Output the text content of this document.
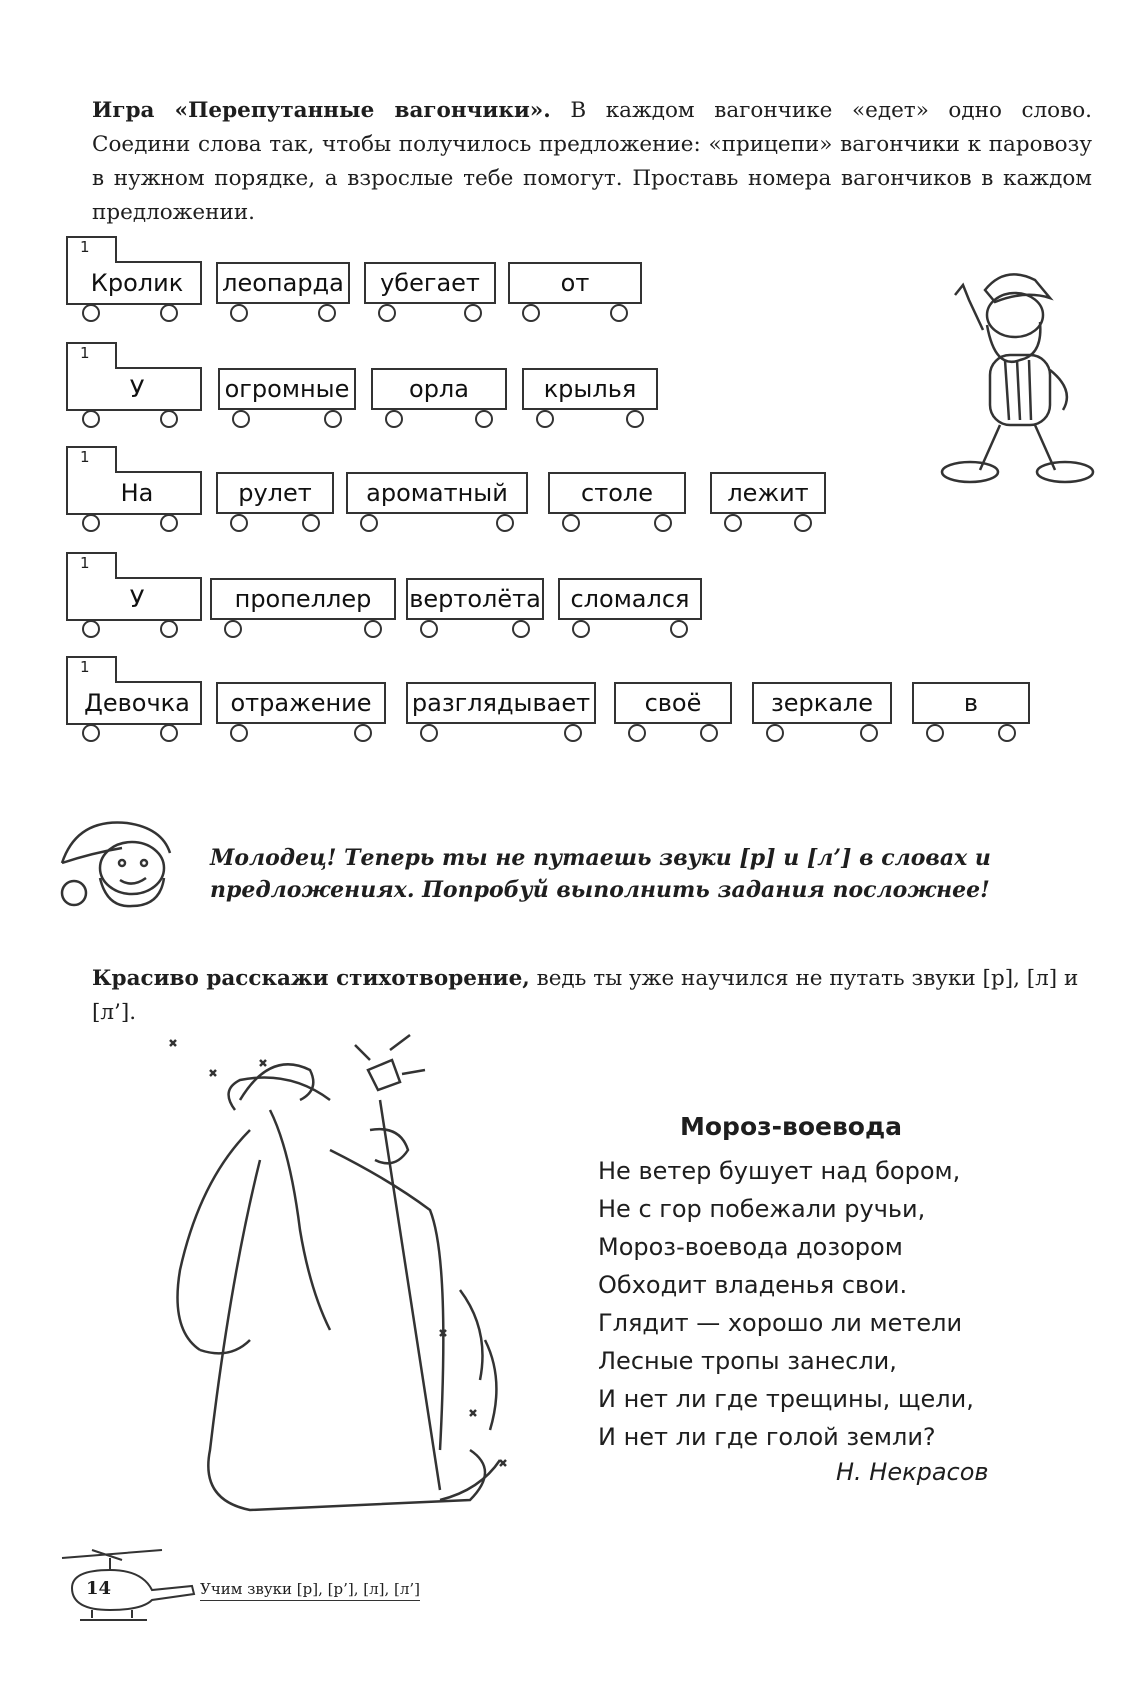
Игра «Перепутанные вагончики». В каждом вагончике «едет» одно слово. Соедини слова так, чтобы получилось предложение: «прицепи» вагончики к паровозу в нужном порядке, а взрослые тебе помогут. Проставь номера вагончиков в каждом предложении.
1
Кролик	леопарда	убегает	от
1
У	огромные	орла	крылья
1
На	рулет	ароматный	столе	лежит
1
У	пропеллер	вертолёта	сломался
1
Девочка	отражение	разглядывает	своё	зеркале	в
Молодец! Теперь ты не путаешь звуки [р] и [л’] в словах и предложениях. Попробуй выполнить задания посложнее!
Красиво расскажи стихотворение, ведь ты уже научился не путать звуки [р], [л] и [л’].
Мороз-воевода
Не ветер бушует над бором,
Не с гор побежали ручьи,
Мороз-воевода дозором
Обходит владенья свои.
Глядит — хорошо ли метели
Лесные тропы занесли,
И нет ли где трещины, щели,
И нет ли где голой земли?
Н. Некрасов
14	Учим звуки [р], [р’], [л], [л’]
